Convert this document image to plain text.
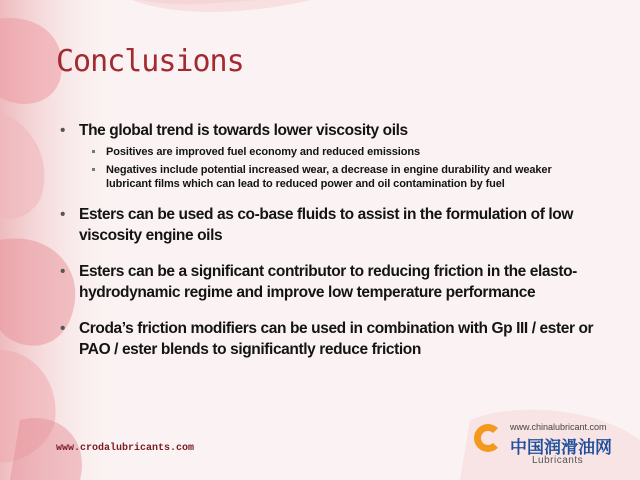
Conclusions
• The global trend is towards lower viscosity oils
Positives are improved fuel economy and reduced emissions
Negatives include potential increased wear, a decrease in engine durability and weaker lubricant films which can lead to reduced power and oil contamination by fuel
• Esters can be used as co-base fluids to assist in the formulation of low viscosity engine oils
• Esters can be a significant contributor to reducing friction in the elasto-hydrodynamic regime and improve low temperature performance
• Croda’s friction modifiers can be used in combination with Gp III / ester or PAO / ester blends to significantly reduce friction

www.crodalubricants.com

www.chinalubricant.com
中国润滑油网
Lubricants
